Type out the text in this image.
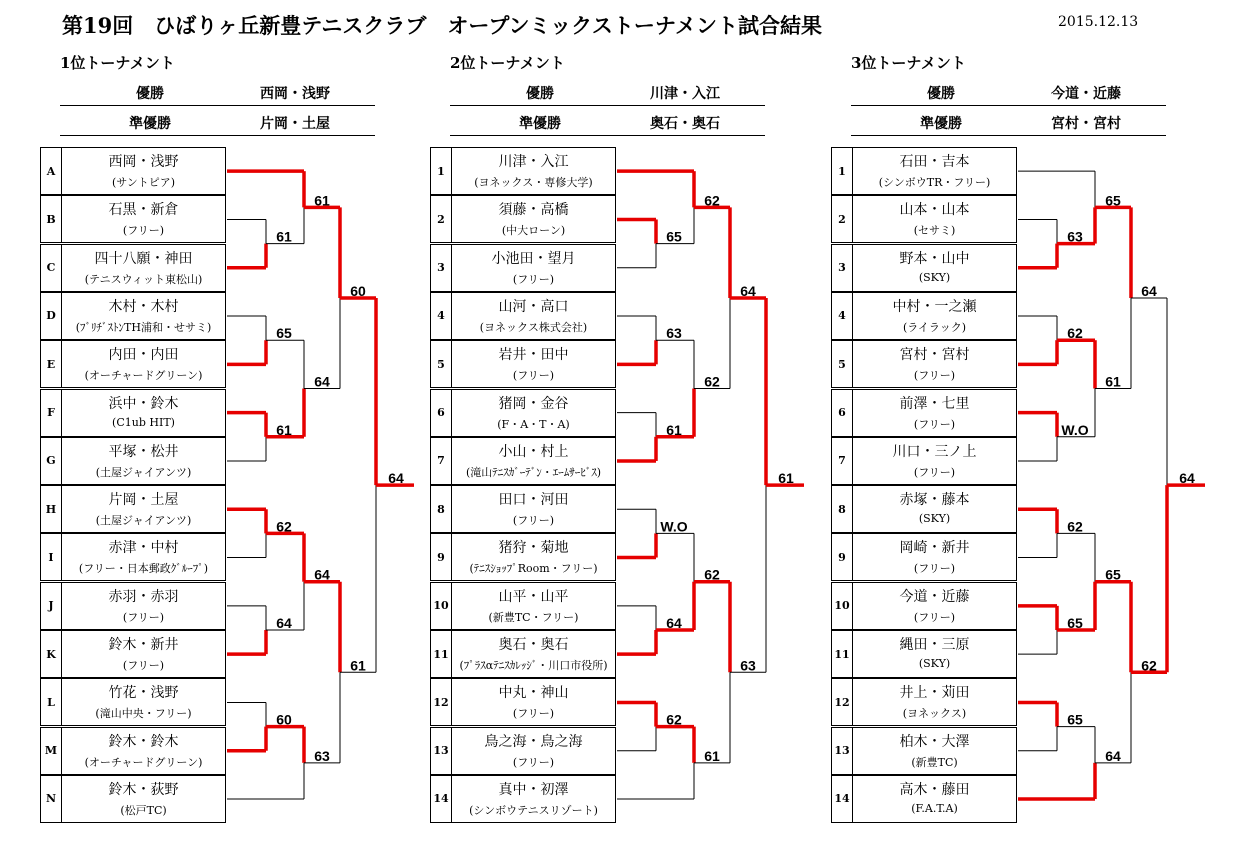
第19回　ひばりヶ丘新豊テニスクラブ　オープンミックストーナメント試合結果	2015.12.13
1位トーナメント
優勝	西岡・浅野
準優勝	片岡・土屋
A
西岡・浅野
(サントピア)
B
石黒・新倉
(フリー)
C
四十八願・神田
(テニスウィット東松山)
D
木村・木村
(ﾌﾞﾘﾁﾞｽﾄﾝTH浦和・せサミ)
E
内田・内田
(オーチャードグリーン)
F
浜中・鈴木
(C1ub HIT)
G
平塚・松井
(土屋ジャイアンツ)
H
片岡・土屋
(土屋ジャイアンツ)
I
赤津・中村
(フリー・日本郵政ｸﾞﾙｰﾌﾟ)
J
赤羽・赤羽
(フリー)
K
鈴木・新井
(フリー)
L
竹花・浅野
(滝山中央・フリー)
M
鈴木・鈴木
(オーチャードグリーン)
N
鈴木・荻野
(松戸TC)
61
65
61
62
64
60
61
64
64
63
60
61
64
2位トーナメント
優勝	川津・入江
準優勝	奥石・奥石
1
川津・入江
(ヨネックス・専修大学)
2
須藤・高橋
(中大ローン)
3
小池田・望月
(フリー)
4
山河・高口
(ヨネックス株式会社)
5
岩井・田中
(フリー)
6
猪岡・金谷
(F・A・T・A)
7
小山・村上
(滝山ﾃﾆｽｶﾞｰﾃﾞﾝ・ｴｰﾑｻｰﾋﾞｽ)
8
田口・河田
(フリー)
9
猪狩・菊地
(ﾃﾆｽｼｮｯﾌﾟRoom・フリー)
10
山平・山平
(新豊TC・フリー)
11
奥石・奥石
(ﾌﾟﾗｽαﾃﾆｽｶﾚｯｼﾞ・川口市役所)
12
中丸・神山
(フリー)
13
鳥之海・鳥之海
(フリー)
14
真中・初澤
(シンボウテニスリゾート)
65
63
61
W.O
64
62
62
62
62
61
64
63
61
3位トーナメント
優勝	今道・近藤
準優勝	宮村・宮村
1
石田・吉本
(シンボウTR・フリー)
2
山本・山本
(セサミ)
3
野本・山中
(SKY)
4
中村・一之瀬
(ライラック)
5
宮村・宮村
(フリー)
6
前澤・七里
(フリー)
7
川口・三ノ上
(フリー)
8
赤塚・藤本
(SKY)
9
岡崎・新井
(フリー)
10
今道・近藤
(フリー)
11
縄田・三原
(SKY)
12
井上・苅田
(ヨネックス)
13
柏木・大澤
(新豊TC)
14
高木・藤田
(F.A.T.A)
63
62
W.O
62
65
65
65
61
65
64
64
62
64
